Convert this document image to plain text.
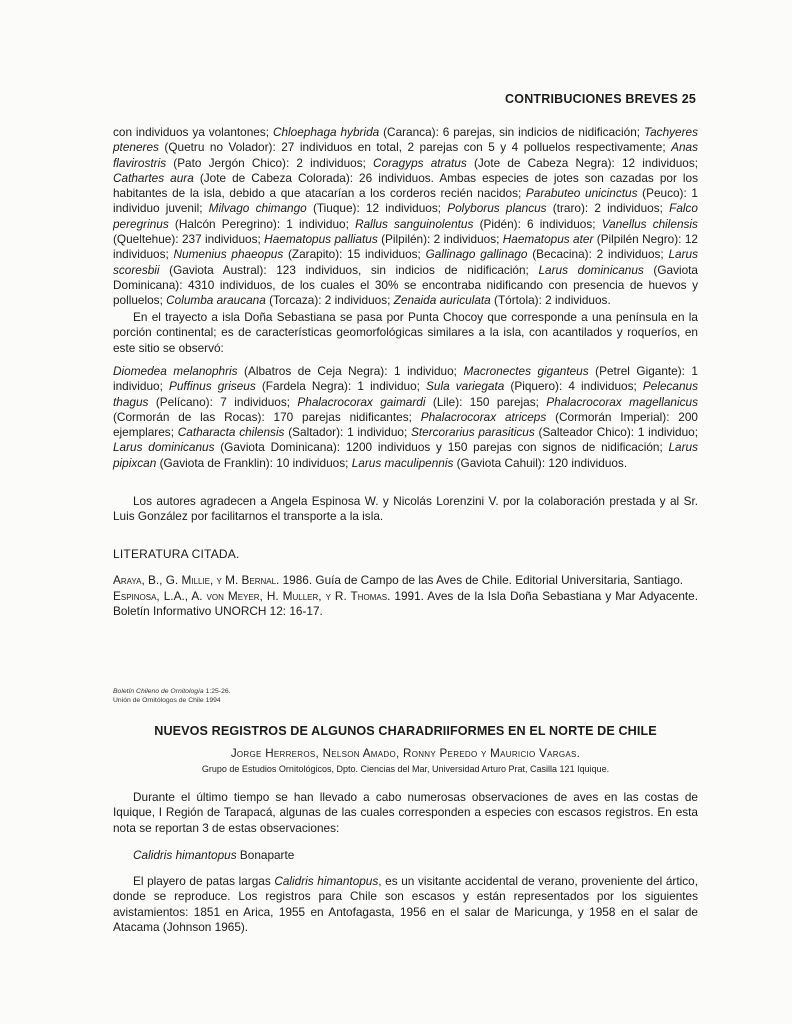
CONTRIBUCIONES BREVES 25

con individuos ya volantones; Chloephaga hybrida (Caranca): 6 parejas, sin indicios de nidificación; Tachyeres pteneres (Quetru no Volador): 27 individuos en total, 2 parejas con 5 y 4 polluelos respectivamente; Anas flavirostris (Pato Jergón Chico): 2 individuos; Coragyps atratus (Jote de Cabeza Negra): 12 individuos; Cathartes aura (Jote de Cabeza Colorada): 26 individuos. Ambas especies de jotes son cazadas por los habitantes de la isla, debido a que atacarían a los corderos recién nacidos; Parabuteo unicinctus (Peuco): 1 individuo juvenil; Milvago chimango (Tiuque): 12 individuos; Polyborus plancus (traro): 2 individuos; Falco peregrinus (Halcón Peregrino): 1 individuo; Rallus sanguinolentus (Pidén): 6 individuos; Vanellus chilensis (Queltehue): 237 individuos; Haematopus palliatus (Pilpilén): 2 individuos; Haematopus ater (Pilpilén Negro): 12 individuos; Numenius phaeopus (Zarapito): 15 individuos; Gallinago gallinago (Becacina): 2 individuos; Larus scoresbii (Gaviota Austral): 123 individuos, sin indicios de nidificación; Larus dominicanus (Gaviota Dominicana): 4310 individuos, de los cuales el 30% se encontraba nidificando con presencia de huevos y polluelos; Columba araucana (Torcaza): 2 individuos; Zenaida auriculata (Tórtola): 2 individuos.

En el trayecto a isla Doña Sebastiana se pasa por Punta Chocoy que corresponde a una península en la porción continental; es de características geomorfológicas similares a la isla, con acantilados y roqueríos, en este sitio se observó:

Diomedea melanophris (Albatros de Ceja Negra): 1 individuo; Macronectes giganteus (Petrel Gigante): 1 individuo; Puffinus griseus (Fardela Negra): 1 individuo; Sula variegata (Piquero): 4 individuos; Pelecanus thagus (Pelícano): 7 individuos; Phalacrocorax gaimardi (Lile): 150 parejas; Phalacrocorax magellanicus (Cormorán de las Rocas): 170 parejas nidificantes; Phalacrocorax atriceps (Cormorán Imperial): 200 ejemplares; Catharacta chilensis (Saltador): 1 individuo; Stercorarius parasiticus (Salteador Chico): 1 individuo; Larus dominicanus (Gaviota Dominicana): 1200 individuos y 150 parejas con signos de nidificación; Larus pipixcan (Gaviota de Franklin): 10 individuos; Larus maculipennis (Gaviota Cahuil): 120 individuos.

Los autores agradecen a Angela Espinosa W. y Nicolás Lorenzini V. por la colaboración prestada y al Sr. Luis González por facilitarnos el transporte a la isla.

LITERATURA CITADA.

Araya, B., G. Millie, y M. Bernal. 1986. Guía de Campo de las Aves de Chile. Editorial Universitaria, Santiago.

Espinosa, L.A., A. von Meyer, H. Muller, y R. Thomas. 1991. Aves de la Isla Doña Sebastiana y Mar Adyacente. Boletín Informativo UNORCH 12: 16-17.

Boletín Chileno de Ornitología 1:25-26.
Unión de Ornitólogos de Chile 1994
NUEVOS REGISTROS DE ALGUNOS CHARADRIIFORMES EN EL NORTE DE CHILE
Jorge Herreros, Nelson Amado, Ronny Peredo y Mauricio Vargas.
Grupo de Estudios Ornitológicos, Dpto. Ciencias del Mar, Universidad Arturo Prat, Casilla 121 Iquique.

Durante el último tiempo se han llevado a cabo numerosas observaciones de aves en las costas de Iquique, I Región de Tarapacá, algunas de las cuales corresponden a especies con escasos registros. En esta nota se reportan 3 de estas observaciones:

Calidris himantopus Bonaparte

El playero de patas largas Calidris himantopus, es un visitante accidental de verano, proveniente del ártico, donde se reproduce. Los registros para Chile son escasos y están representados por los siguientes avistamientos: 1851 en Arica, 1955 en Antofagasta, 1956 en el salar de Maricunga, y 1958 en el salar de Atacama (Johnson 1965).
